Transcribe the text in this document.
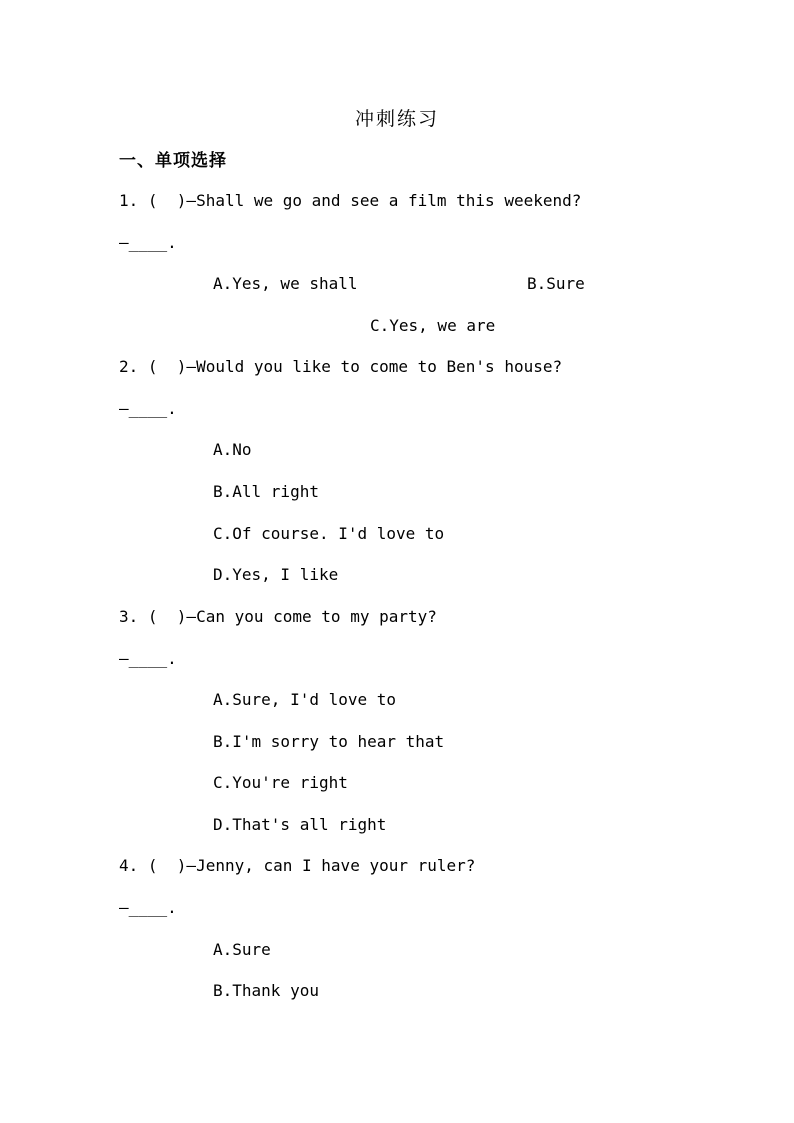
冲刺练习
一、单项选择
1. (  )—Shall we go and see a film this weekend?
—____.
A.Yes, we shall	B.Sure
C.Yes, we are
2. (  )—Would you like to come to Ben's house?
—____.
A.No
B.All right
C.Of course. I'd love to
D.Yes, I like
3. (  )—Can you come to my party?
—____.
A.Sure, I'd love to
B.I'm sorry to hear that
C.You're right
D.That's all right
4. (  )—Jenny, can I have your ruler?
—____.
A.Sure
B.Thank you
